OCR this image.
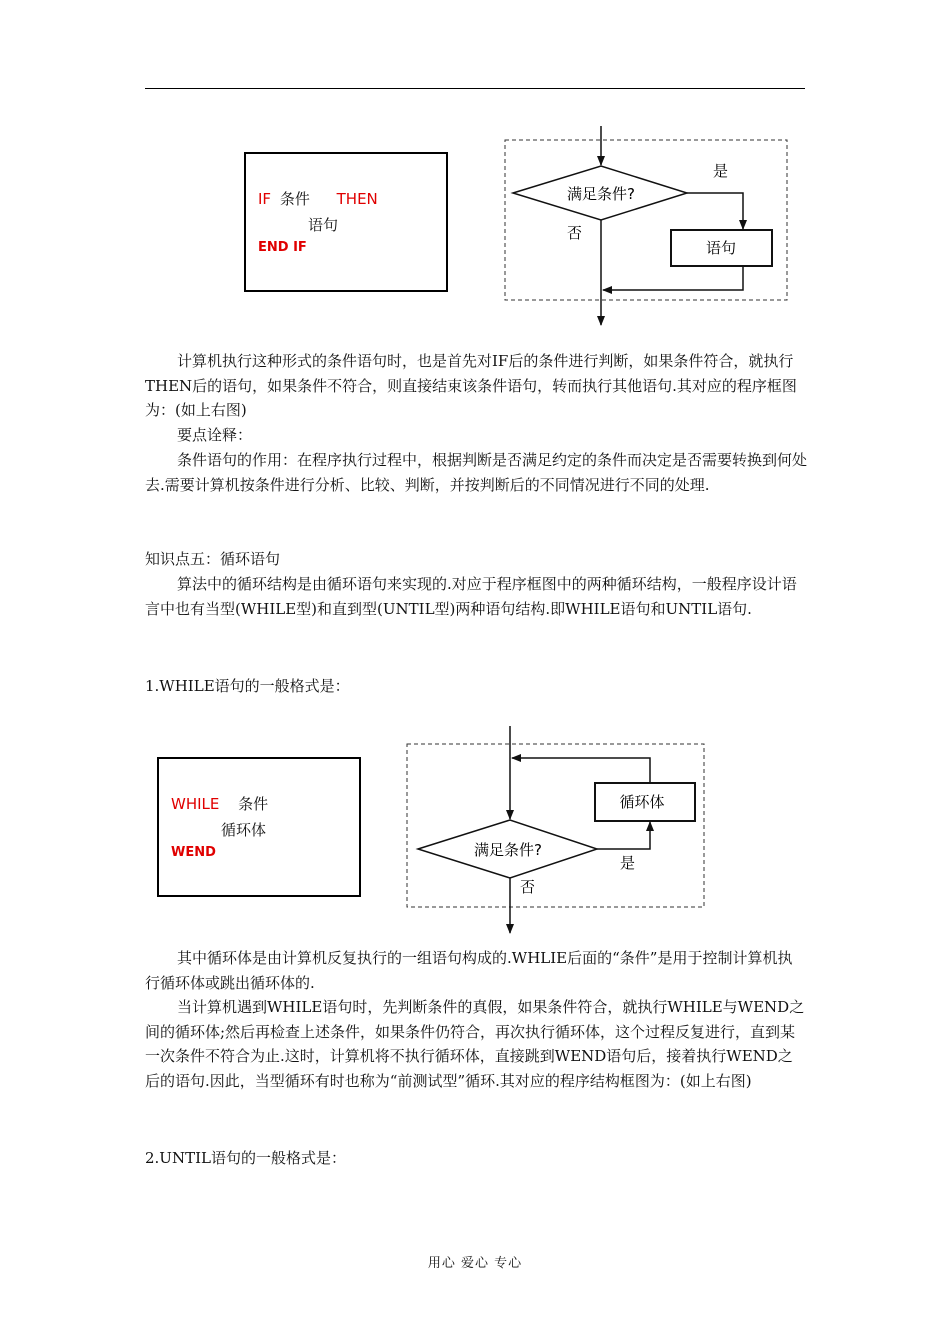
IF 条件 THEN
语句
END IF
满足条件?
是
语句
否

计算机执行这种形式的条件语句时，也是首先对IF后的条件进行判断，如果条件符合，就执行THEN后的语句，如果条件不符合，则直接结束该条件语句，转而执行其他语句.其对应的程序框图为：(如上右图)

要点诠释：

条件语句的作用：在程序执行过程中，根据判断是否满足约定的条件而决定是否需要转换到何处去.需要计算机按条件进行分析、比较、判断，并按判断后的不同情况进行不同的处理.

知识点五：循环语句

算法中的循环结构是由循环语句来实现的.对应于程序框图中的两种循环结构，一般程序设计语言中也有当型(WHILE型)和直到型(UNTIL型)两种语句结构.即WHILE语句和UNTIL语句.

1.WHILE语句的一般格式是：

WHILE 条件
循环体
WEND	满足条件?
是
循环体
否

其中循环体是由计算机反复执行的一组语句构成的.WHLIE后面的“条件”是用于控制计算机执行循环体或跳出循环体的.

当计算机遇到WHILE语句时，先判断条件的真假，如果条件符合，就执行WHILE与WEND之间的循环体;然后再检查上述条件，如果条件仍符合，再次执行循环体，这个过程反复进行，直到某一次条件不符合为止.这时，计算机将不执行循环体，直接跳到WEND语句后，接着执行WEND之后的语句.因此，当型循环有时也称为“前测试型”循环.其对应的程序结构框图为：(如上右图)

2.UNTIL语句的一般格式是：

用心 爱心 专心
